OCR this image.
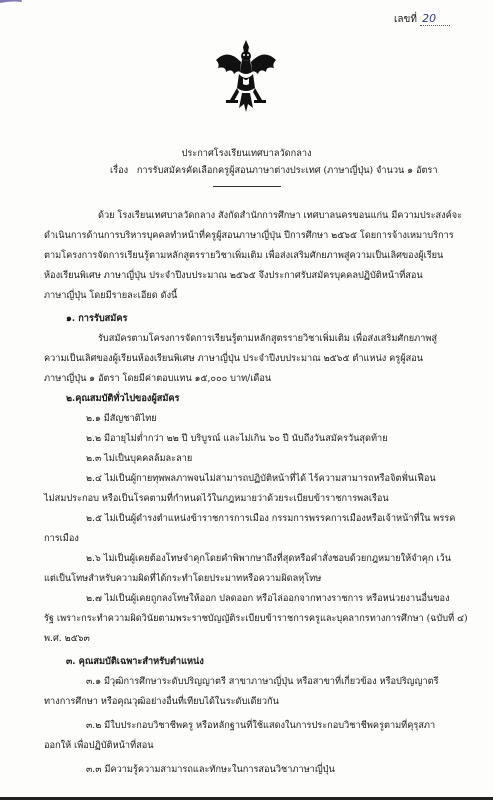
เลขที่ 20
ประกาศโรงเรียนเทศบาลวัดกลาง
เรื่อง การรับสมัครคัดเลือกครูผู้สอนภาษาต่างประเทศ (ภาษาญี่ปุ่น) จำนวน ๑ อัตรา
ด้วย โรงเรียนเทศบาลวัดกลาง สังกัดสำนักการศึกษา เทศบาลนครขอนแก่น มีความประสงค์จะ
ดำเนินการด้านการบริหารบุคคลทำหน้าที่ครูผู้สอนภาษาญี่ปุ่น ปีการศึกษา ๒๕๖๕ โดยการจ้างเหมาบริการ
ตามโครงการจัดการเรียนรู้ตามหลักสูตรรายวิชาเพิ่มเติม เพื่อส่งเสริมศักยภาพสู่ความเป็นเลิศของผู้เรียน
ห้องเรียนพิเศษ ภาษาญี่ปุ่น ประจำปีงบประมาณ ๒๕๖๕ จึงประกาศรับสมัครบุคคลปฏิบัติหน้าที่สอน
ภาษาญี่ปุ่น โดยมีรายละเอียด ดังนี้
๑. การรับสมัคร
รับสมัครตามโครงการจัดการเรียนรู้ตามหลักสูตรรายวิชาเพิ่มเติม เพื่อส่งเสริมศักยภาพสู่
ความเป็นเลิศของผู้เรียนห้องเรียนพิเศษ ภาษาญี่ปุ่น ประจำปีงบประมาณ ๒๕๖๕ ตำแหน่ง ครูผู้สอน
ภาษาญี่ปุ่น ๑ อัตรา โดยมีค่าตอบแทน ๑๕,๐๐๐ บาท/เดือน
๒.คุณสมบัติทั่วไปของผู้สมัคร
๒.๑ มีสัญชาติไทย
๒.๒ มีอายุไม่ต่ำกว่า ๒๒ ปี บริบูรณ์ และไม่เกิน ๖๐ ปี นับถึงวันสมัครวันสุดท้าย
๒.๓ ไม่เป็นบุคคลล้มละลาย
๒.๔ ไม่เป็นผู้กายทุพพลภาพจนไม่สามารถปฏิบัติหน้าที่ได้ ไร้ความสามารถหรือจิตฟั่นเฟือน
ไม่สมประกอบ หรือเป็นโรคตามที่กำหนดไว้ในกฎหมายว่าด้วยระเบียบข้าราชการพลเรือน
๒.๕ ไม่เป็นผู้ดำรงตำแหน่งข้าราชการการเมือง กรรมการพรรคการเมืองหรือเจ้าหน้าที่ใน พรรค
การเมือง
๒.๖ ไม่เป็นผู้เคยต้องโทษจำคุกโดยคำพิพากษาถึงที่สุดหรือคำสั่งชอบด้วยกฎหมายให้จำคุก เว้น
แต่เป็นโทษสำหรับความผิดที่ได้กระทำโดยประมาทหรือความผิดลหุโทษ
๒.๗ ไม่เป็นผู้เคยถูกลงโทษให้ออก ปลดออก หรือไล่ออกจากทางราชการ หรือหน่วยงานอื่นของ
รัฐ เพราะกระทำความผิดวินัยตามพระราชบัญญัติระเบียบข้าราชการครูและบุคลากรทางการศึกษา (ฉบับที่ ๔)
พ.ศ. ๒๕๖๓
๓. คุณสมบัติเฉพาะสำหรับตำแหน่ง
๓.๑ มีวุฒิการศึกษาระดับปริญญาตรี สาขาภาษาญี่ปุ่น หรือสาขาที่เกี่ยวข้อง หรือปริญญาตรี
ทางการศึกษา หรือคุณวุฒิอย่างอื่นที่เทียบได้ในระดับเดียวกัน
๓.๒ มีใบประกอบวิชาชีพครู หรือหลักฐานที่ใช้แสดงในการประกอบวิชาชีพครูตามที่คุรุสภา
ออกให้ เพื่อปฏิบัติหน้าที่สอน
๓.๓ มีความรู้ความสามารถและทักษะในการสอนวิชาภาษาญี่ปุ่น
